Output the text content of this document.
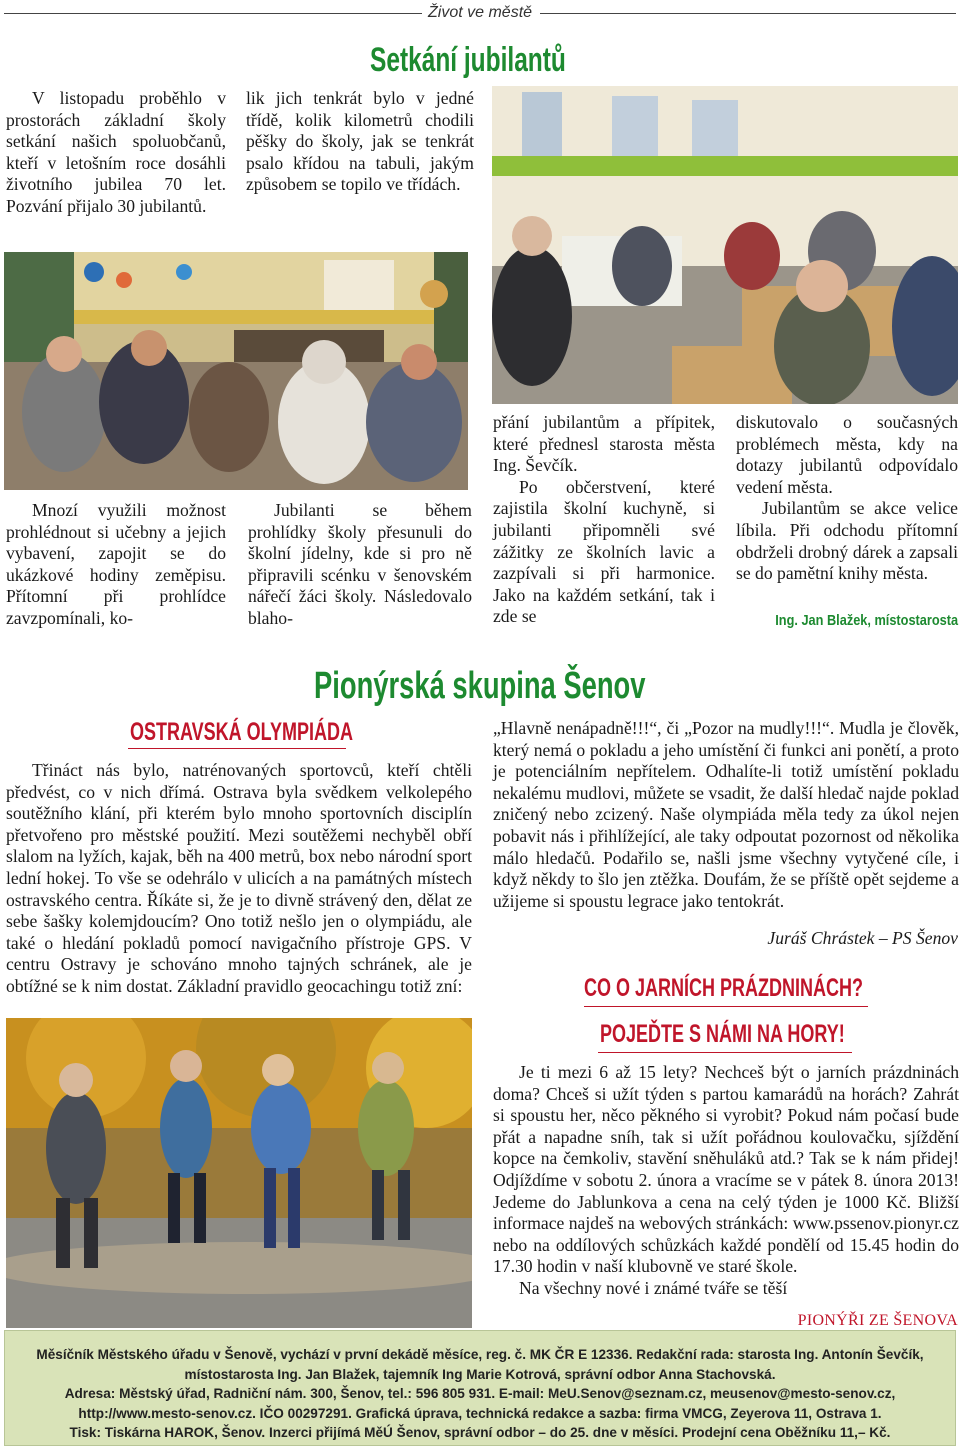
Život ve městě
Setkání jubilantů

V listopadu proběhlo v prostorách základní školy setkání našich spoluobčanů, kteří v letošním roce dosáhli životního jubilea 70 let. Pozvání přijalo 30 jubilantů.

lik jich tenkrát bylo v jedné třídě, kolik kilometrů chodili pěšky do školy, jak se tenkrát psalo křídou na tabuli, jakým způsobem se topilo ve třídách.

Mnozí využili možnost prohlédnout si učebny a jejich vybavení, zapojit se do ukázkové hodiny zeměpisu. Přítomní při prohlídce zavzpomínali, ko-

Jubilanti se během prohlídky školy přesunuli do školní jídelny, kde si pro ně připravili scénku v šenovském nářečí žáci školy. Následovalo blaho-

přání jubilantům a přípitek, které přednesl starosta města Ing. Ševčík.

Po občerstvení, které zajistila školní kuchyně, si jubilanti připomněli své zážitky ze školních lavic a zazpívali si při harmonice. Jako na každém setkání, tak i zde se

diskutovalo o současných problémech města, kdy na dotazy jubilantů odpovídalo vedení města.

Jubilantům se akce velice líbila. Při odchodu přítomní obdrželi drobný dárek a zapsali se do pamětní knihy města.

Ing. Jan Blažek, místostarosta
Pionýrská skupina Šenov
OSTRAVSKÁ OLYMPIÁDA

Třináct nás bylo, natrénovaných sportovců, kteří chtěli předvést, co v nich dřímá. Ostrava byla svědkem velkolepého soutěžního klání, při kterém bylo mnoho sportovních disciplín přetvořeno pro městské použití. Mezi soutěžemi nechyběl obří slalom na lyžích, kajak, běh na 400 metrů, box nebo národní sport lední hokej. To vše se odehrálo v ulicích a na památných místech ostravského centra. Říkáte si, že je to divně strávený den, dělat ze sebe šašky kolemjdoucím? Ono totiž nešlo jen o olympiádu, ale také o hledání pokladů pomocí navigačního přístroje GPS. V centru Ostravy je schováno mnoho tajných schránek, ale je obtížné se k nim dostat. Základní pravidlo geocachingu totiž zní:

„Hlavně nenápadně!!!“, či „Pozor na mudly!!!“. Mudla je člověk, který nemá o pokladu a jeho umístění či funkci ani ponětí, a proto je potenciálním nepřítelem. Odhalíte-li totiž umístění pokladu nekalému mudlovi, můžete se vsadit, že další hledač najde poklad zničený nebo zcizený. Naše olympiáda měla tedy za úkol nejen pobavit nás i přihlížející, ale taky odpoutat pozornost od několika málo hledačů. Podařilo se, našli jsme všechny vytyčené cíle, i když někdy to šlo jen ztěžka. Doufám, že se příště opět sejdeme a užijeme si spoustu legrace jako tentokrát.

Juráš Chrástek – PS Šenov
CO O JARNÍCH PRÁZDNINÁCH?
POJEĎTE S NÁMI NA HORY!

Je ti mezi 6 až 15 lety? Nechceš být o jarních prázdninách doma? Chceš si užít týden s partou kamarádů na horách? Zahrát si spoustu her, něco pěkného si vyrobit? Pokud nám počasí bude přát a napadne sníh, tak si užít pořádnou koulovačku, sjíždění kopce na čemkoliv, stavění sněhuláků atd.? Tak se k nám přidej! Odjíždíme v sobotu 2. února a vracíme se v pátek 8. února 2013! Jedeme do Jablunkova a cena na celý týden je 1000 Kč. Bližší informace najdeš na webových stránkách: www.pssenov.pionyr.cz nebo na oddílových schůzkách každé pondělí od 15.45 hodin do 17.30 hodin v naší klubovně ve staré škole.

Na všechny nové i známé tváře se těší

PIONÝŘI ZE ŠENOVA
Měsíčník Městského úřadu v Šenově, vychází v první dekádě měsíce, reg. č. MK ČR E 12336. Redakční rada: starosta Ing. Antonín Ševčík,
místostarosta Ing. Jan Blažek, tajemník Ing Marie Kotrová, správní odbor Anna Stachovská.
Adresa: Městský úřad, Radniční nám. 300, Šenov, tel.: 596 805 931. E-mail: MeU.Senov@seznam.cz, meusenov@mesto-senov.cz,
http://www.mesto-senov.cz. IČO 00297291. Grafická úprava, technická redakce a sazba: firma VMCG, Zeyerova 11, Ostrava 1.
Tisk: Tiskárna HAROK, Šenov. Inzerci přijímá MěÚ Šenov, správní odbor – do 25. dne v měsíci. Prodejní cena Oběžníku 11,– Kč.
